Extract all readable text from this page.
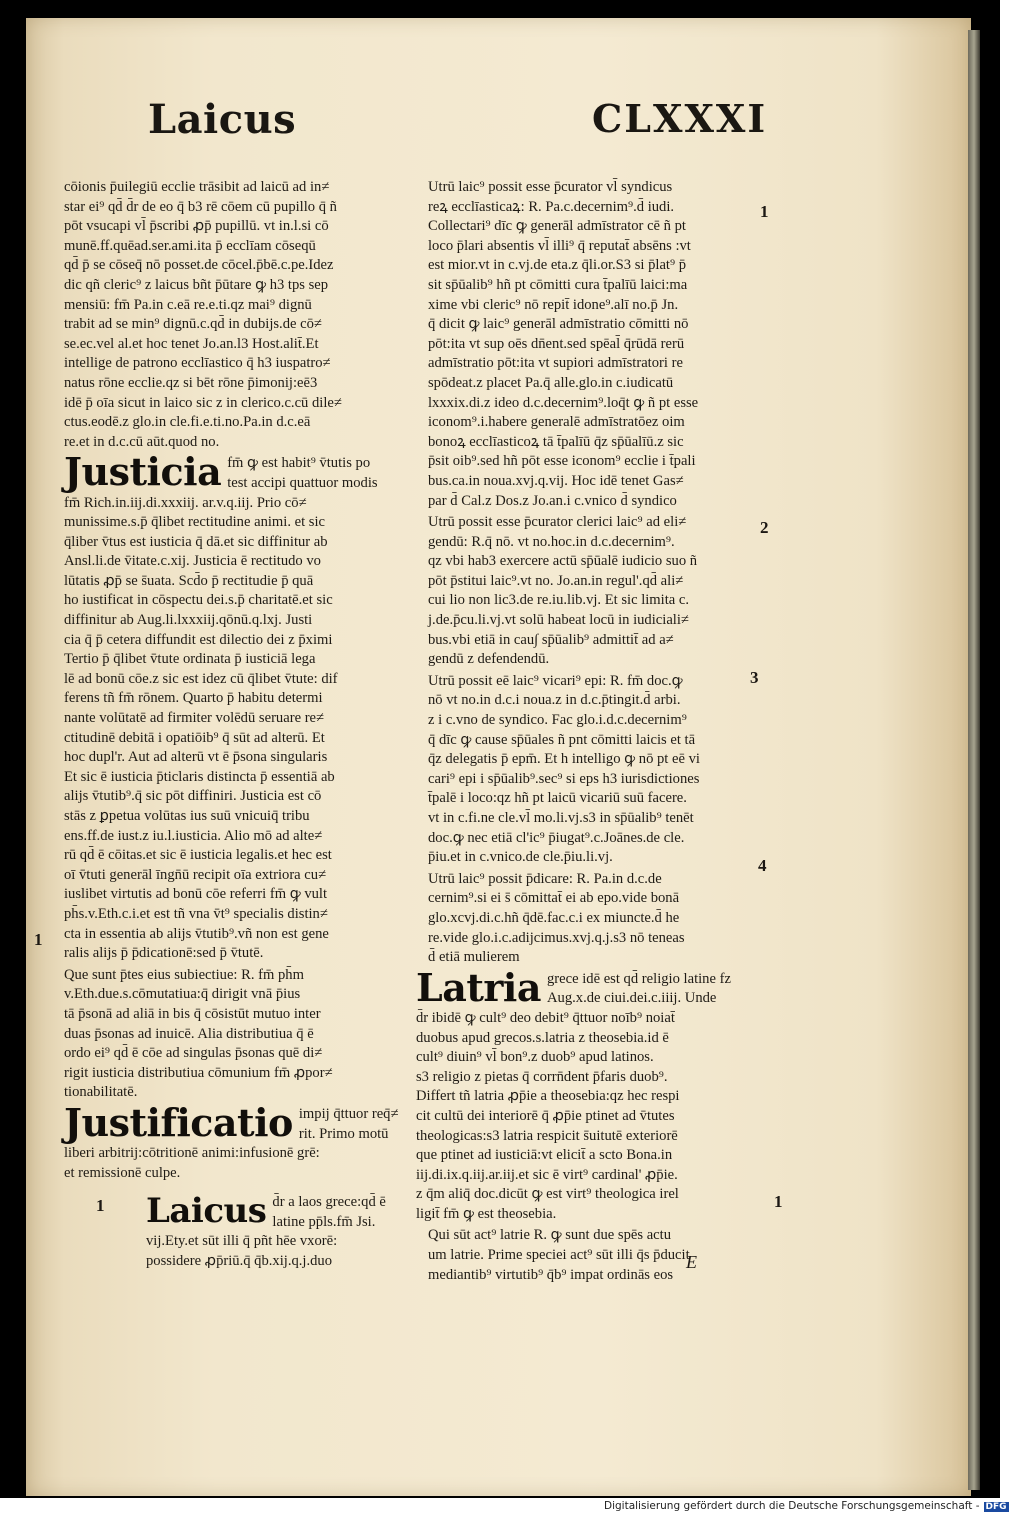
Laicus	CLXXXI
cōionis p̄uilegiū ecclie trāsibit ad laicū ad in≠
star ei⁹ qd̄ d̄r de eo q̄ b3 rē cōem cū pupillo q̄ ñ
pōt vsucapi vl̄ p̄scribi ꝓp̄ pupillū. vt in.l.si cō
munē.ff.quēad.ser.ami.ita p̄ ecclīam cōseqū
qd̄ p̄ se cōseq̄ nō posset.de cōcel.p̄bē.c.pe.Idez
dic qñ cleric⁹ z laicus bñt p̄ūtare ꝙ h3 tps sep
mensiū: fm̄ Pa.in c.eā re.e.ti.qz mai⁹ dignū
trabit ad se min⁹ dignū.c.qd̄ in dubijs.de cō≠
se.ec.vel al.et hoc tenet Jo.an.l3 Host.alit̄.Et
intellige de patrono ecclīastico q̄ h3 iuspatro≠
natus rōne ecclie.qz si bēt rōne p̄imonij:eē3
idē p̄ oīa sicut in laico sic z in clerico.c.cū dile≠
ctus.eodē.z glo.in cle.fi.e.ti.no.Pa.in d.c.eā
re.et in d.c.cū aūt.quod no.
Justicia fm̄ ꝙ est habit⁹ v̄tutis po
test accipi quattuor modis
fm̄ Rich.in.iij.di.xxxiij. ar.v.q.iij. Prio cō≠
munissime.s.p̄ q̄libet rectitudine animi. et sic
q̄liber v̄tus est iusticia q̄ dā.et sic diffinitur ab
Ansl.li.de v̄itate.c.xij. Justicia ē rectitudo vo
lūtatis ꝓp̄ se s̄uata. Scd̄o p̄ rectitudie p̄ quā
ho iustificat in cōspectu dei.s.p̄ charitatē.et sic
diffinitur ab Aug.li.lxxxiij.qōnū.q.lxj. Justi
cia q̄ p̄ cetera diffundit est dilectio dei z p̄ximi
Tertio p̄ q̄libet v̄tute ordinata p̄ iusticiā lega
lē ad bonū cōe.z sic est idez cū q̄libet v̄tute: dif
ferens tñ fm̄ rōnem. Quarto p̄ habitu determi
nante volūtatē ad firmiter volēdū seruare re≠
ctitudinē debitā i opatiōib⁹ q̄ sūt ad alterū. Et
hoc dupl'r. Aut ad alterū vt ē p̄sona singularis
Et sic ē iusticia p̄ticlaris distincta p̄ essentiā ab
alijs v̄tutib⁹.q̄ sic pōt diffiniri. Justicia est cō
stās z ꝑpetua volūtas ius suū vnicuiq̄ tribu
ens.ff.de iust.z iu.l.iusticia. Alio mō ad alte≠
rū qd̄ ē cōitas.et sic ē iusticia legalis.et hec est
oī v̄tuti generāl īngn̄ū recipit oīa extriora cu≠
iuslibet virtutis ad bonū cōe referri fm̄ ꝙ vult
ph̄s.v.Eth.c.i.et est tñ vna v̄t⁹ specialis distin≠
cta in essentia ab alijs v̄tutib⁹.vñ non est gene
ralis alijs p̄ p̄dicationē:sed p̄ v̄tutē.
Que sunt p̄tes eius subiectiue: R. fm̄ ph̄m
v.Eth.due.s.cōmutatiua:q̄ dirigit vnā p̄ius
tā p̄sonā ad aliā in bis q̄ cōsistūt mutuo inter
duas p̄sonas ad inuicē. Alia distributiua q̄ ē
ordo ei⁹ qd̄ ē cōe ad singulas p̄sonas quē di≠
rigit iusticia distributiua cōmunium fm̄ ꝓpor≠
tionabilitatē.
Justificatio impij q̄ttuor req̄≠
rit. Primo motū
liberi arbitrij:cōtritionē animi:infusionē grē:
et remissionē culpe.
Laicus d̄r a laos grece:qd̄ ē
latine pp̄ls.fm̄ Jsi.
vij.Ety.et sūt illi q̄ pñt hēe vxorē:
possidere ꝓp̄riū.q̄ q̄b.xij.q.j.duo
Utrū laic⁹ possit esse p̄curator vl̄ syndicus
reꝝ ecclīasticaꝝ: R. Pa.c.decernim⁹.d̄ iudi.
Collectari⁹ dīc ꝙ generāl admīstrator cē ñ pt
loco p̄lari absentis vl̄ illi⁹ q̄ reputat̄ absēns :vt
est mior.vt in c.vj.de eta.z q̄li.or.S3 si p̄lat⁹ p̄
sit sp̄ūalib⁹ hñ pt cōmitti cura t̄palīū laici:ma
xime vbi cleric⁹ nō repit̄ idone⁹.alī no.p̄ Jn.
q̄ dicit ꝙ laic⁹ generāl admīstratio cōmitti nō
pōt:ita vt sup oēs dn̄ent.sed spēal̄ q̄rūdā rerū
admīstratio pōt:ita vt supiori admīstratori re
spōdeat.z placet Pa.q̄ alle.glo.in c.iudicatū
lxxxix.di.z ideo d.c.decernim⁹.loq̄t ꝙ ñ pt esse
iconom⁹.i.habere generalē admīstratōez oim
bonoꝝ ecclīasticoꝝ tā t̄palīū q̄z sp̄ūalīū.z sic
p̄sit oib⁹.sed hñ pōt esse iconom⁹ ecclie i t̄pali
bus.ca.in noua.xvj.q.vij. Hoc idē tenet Gas≠
par d̄ Cal.z Dos.z Jo.an.i c.vnico d̄ syndico
Utrū possit esse p̄curator clerici laic⁹ ad eli≠
gendū: R.q̄ nō. vt no.hoc.in d.c.decernim⁹.
qz vbi hab3 exercere actū sp̄ūalē iudicio suo ñ
pōt p̄stitui laic⁹.vt no. Jo.an.in regul'.qd̄ ali≠
cui lio non lic3.de re.iu.lib.vj. Et sic limita c.
j.de.p̄cu.li.vj.vt solū habeat locū in iudiciali≠
bus.vbi etiā in cau∫ sp̄ūalib⁹ admittit̄ ad a≠
gendū z defendendū.
Utrū possit eē laic⁹ vicari⁹ epi: R. fm̄ doc.ꝙ
nō vt no.in d.c.i noua.z in d.c.p̄tingit.d̄ arbi.
z i c.vno de syndico. Fac glo.i.d.c.decernim⁹
q̄ dīc ꝙ cause sp̄ūales ñ pnt cōmitti laicis et tā
q̄z delegatis p̄ epm̄. Et h intelligo ꝙ nō pt eē vi
cari⁹ epi i sp̄ūalib⁹.sec⁹ si eps h3 iurisdictiones
t̄palē i loco:qz hñ pt laicū vicariū suū facere.
vt in c.fi.ne cle.vl̄ mo.li.vj.s3 in sp̄ūalib⁹ tenēt
doc.ꝙ nec etiā cl'ic⁹ p̄iugat⁹.c.Joānes.de cle.
p̄iu.et in c.vnico.de cle.p̄iu.li.vj.
Utrū laic⁹ possit p̄dicare: R. Pa.in d.c.de
cernim⁹.si ei s̄ cōmittat̄ ei ab epo.vide bonā
glo.xcvj.di.c.hñ q̄dē.fac.c.i ex miuncte.d̄ he
re.vide glo.i.c.adijcimus.xvj.q.j.s3 nō teneas
d̄ etiā mulierem
Latria grece idē est qd̄ religio latine fz
Aug.x.de ciui.dei.c.iiij. Unde
d̄r ibidē ꝙ cult⁹ deo debit⁹ q̄ttuor noīb⁹ noiat̄
duobus apud grecos.s.latria z theosebia.id ē
cult⁹ diuin⁹ vl̄ bon⁹.z duob⁹ apud latinos.
s3 religio z pietas q̄ corrn̄dent p̄faris duob⁹.
Differt tñ latria ꝓp̄ie a theosebia:qz hec respi
cit cultū dei interiorē q̄ ꝓp̄ie ptinet ad v̄tutes
theologicas:s3 latria respicit s̄uitutē exteriorē
que ptinet ad iusticiā:vt elicit̄ a scto Bona.in
iij.di.ix.q.iij.ar.iij.et sic ē virt⁹ cardinal' ꝓp̄ie.
z q̄m aliq̄ doc.dicūt ꝙ est virt⁹ theologica irel
ligit̄ fm̄ ꝙ est theosebia.
Qui sūt act⁹ latrie R. ꝙ sunt due spēs actu
um latrie. Prime speciei act⁹ sūt illi q̄s p̄ducit
mediantib⁹ virtutib⁹ q̄b⁹ impat ordinās eos
1
1
1
2
3
4
1
E
Digitalisierung gefördert durch die Deutsche Forschungsgemeinschaft - DFG
